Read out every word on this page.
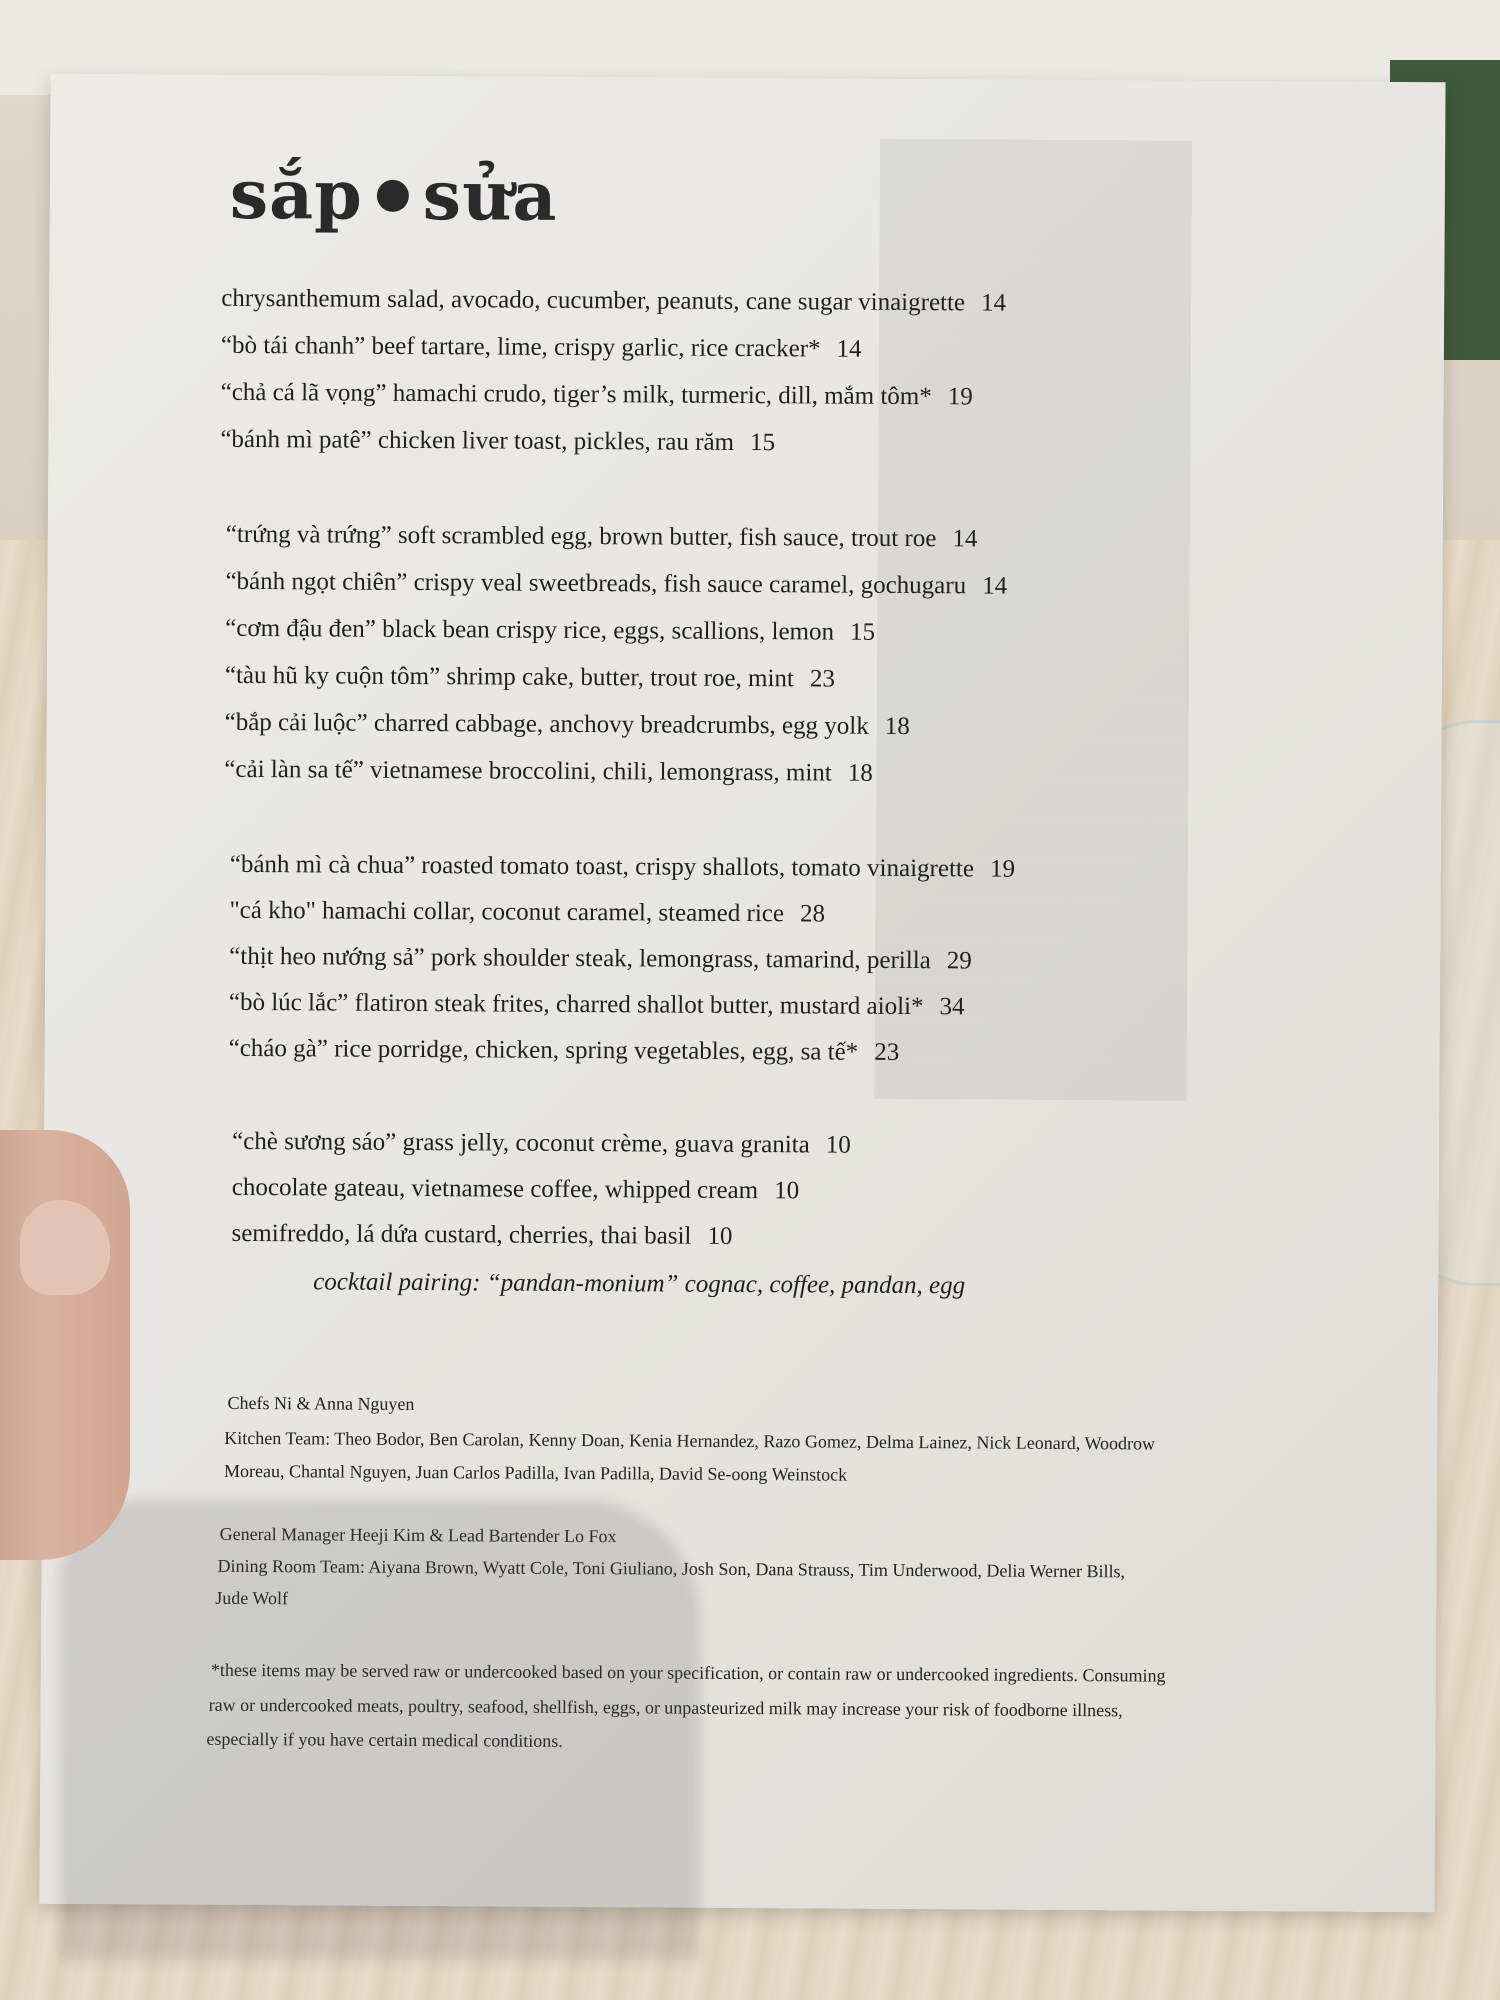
sắp sửa
chrysanthemum salad, avocado, cucumber, peanuts, cane sugar vinaigrette 14
“bò tái chanh” beef tartare, lime, crispy garlic, rice cracker* 14
“chả cá lã vọng” hamachi crudo, tiger’s milk, turmeric, dill, mắm tôm* 19
“bánh mì patê” chicken liver toast, pickles, rau răm 15
“trứng và trứng” soft scrambled egg, brown butter, fish sauce, trout roe 14
“bánh ngọt chiên” crispy veal sweetbreads, fish sauce caramel, gochugaru 14
“cơm đậu đen” black bean crispy rice, eggs, scallions, lemon 15
“tàu hũ ky cuộn tôm” shrimp cake, butter, trout roe, mint 23
“bắp cải luộc” charred cabbage, anchovy breadcrumbs, egg yolk 18
“cải làn sa tế” vietnamese broccolini, chili, lemongrass, mint 18
“bánh mì cà chua” roasted tomato toast, crispy shallots, tomato vinaigrette 19
"cá kho" hamachi collar, coconut caramel, steamed rice 28
“thịt heo nướng sả” pork shoulder steak, lemongrass, tamarind, perilla 29
“bò lúc lắc” flatiron steak frites, charred shallot butter, mustard aioli* 34
“cháo gà” rice porridge, chicken, spring vegetables, egg, sa tế* 23
“chè sương sáo” grass jelly, coconut crème, guava granita 10
chocolate gateau, vietnamese coffee, whipped cream 10
semifreddo, lá dứa custard, cherries, thai basil 10
cocktail pairing: “pandan-monium” cognac, coffee, pandan, egg
Chefs Ni & Anna Nguyen
Kitchen Team: Theo Bodor, Ben Carolan, Kenny Doan, Kenia Hernandez, Razo Gomez, Delma Lainez, Nick Leonard, Woodrow
Moreau, Chantal Nguyen, Juan Carlos Padilla, Ivan Padilla, David Se-oong Weinstock
General Manager Heeji Kim & Lead Bartender Lo Fox
Dining Room Team: Aiyana Brown, Wyatt Cole, Toni Giuliano, Josh Son, Dana Strauss, Tim Underwood, Delia Werner Bills,
Jude Wolf
*these items may be served raw or undercooked based on your specification, or contain raw or undercooked ingredients. Consuming
raw or undercooked meats, poultry, seafood, shellfish, eggs, or unpasteurized milk may increase your risk of foodborne illness,
especially if you have certain medical conditions.
